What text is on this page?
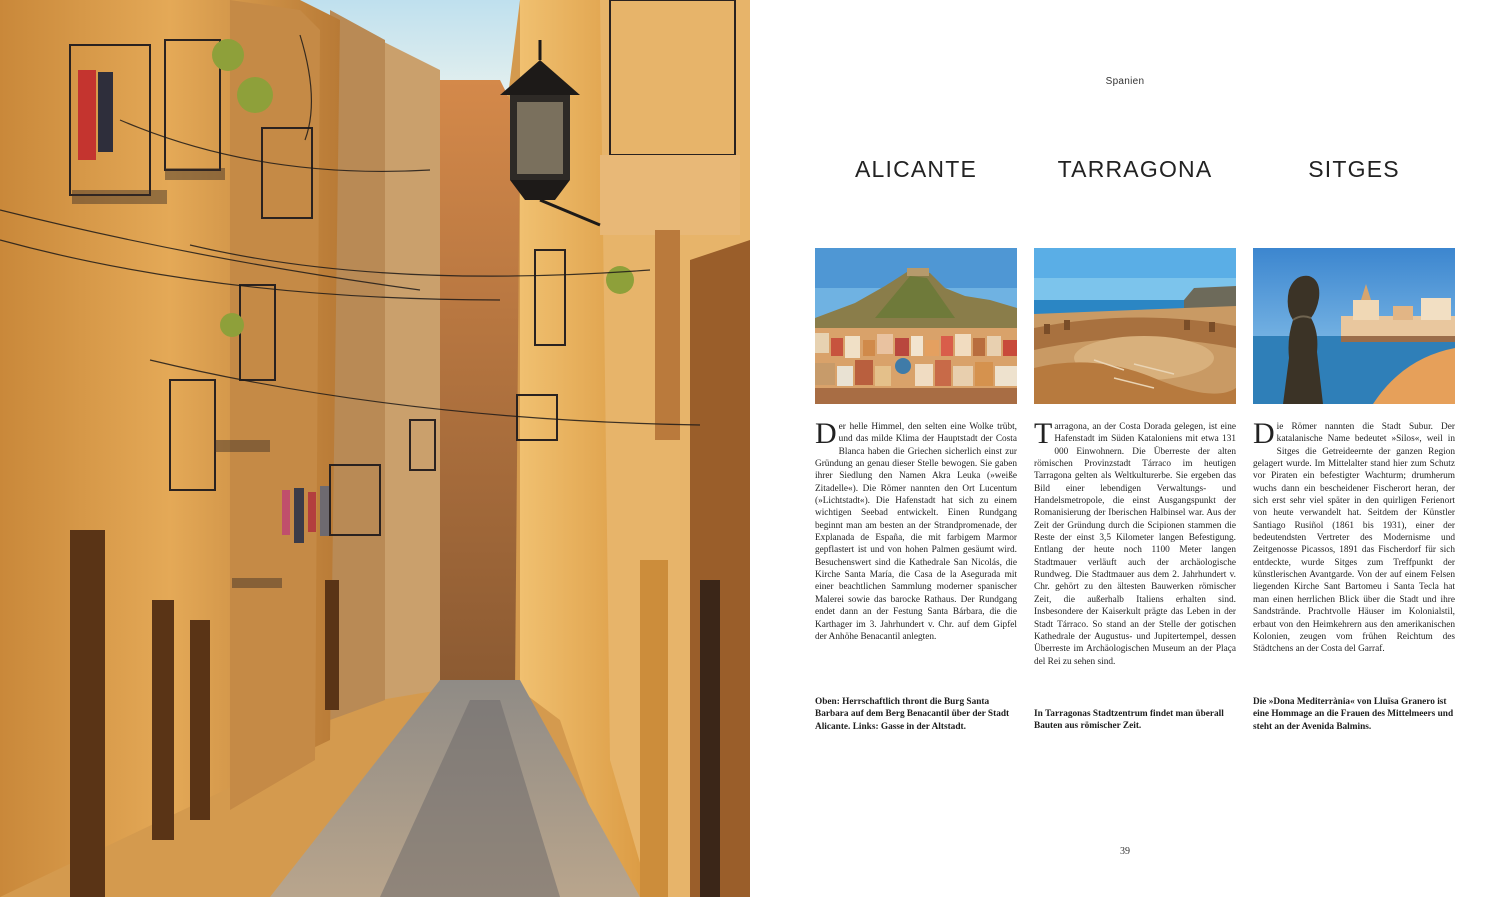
Spanien
ALICANTE	TARRAGONA	SITGES

Der helle Himmel, den selten eine Wolke trübt, und das milde Klima der Hauptstadt der Costa Blanca haben die Griechen sicherlich einst zur Gründung an genau dieser Stelle bewogen. Sie gaben ihrer Siedlung den Namen Akra Leuka (»weiße Zitadelle«). Die Römer nannten den Ort Lucentum (»Lichtstadt«). Die Hafenstadt hat sich zu einem wichtigen Seebad entwickelt. Einen Rundgang beginnt man am besten an der Strandpromenade, der Explanada de España, die mit farbigem Marmor gepflastert ist und von hohen Palmen gesäumt wird. Besuchenswert sind die Kathedrale San Nicolás, die Kirche Santa María, die Casa de la Asegurada mit einer beachtlichen Sammlung moderner spanischer Malerei sowie das barocke Rathaus. Der Rundgang endet dann an der Festung Santa Bárbara, die die Karthager im 3. Jahrhundert v. Chr. auf dem Gipfel der Anhöhe Benacantil anlegten.

Tarragona, an der Costa Dorada gelegen, ist eine Hafenstadt im Süden Kataloniens mit etwa 131 000 Einwohnern. Die Überreste der alten römischen Provinzstadt Tárraco im heutigen Tarragona gelten als Weltkulturerbe. Sie ergeben das Bild einer lebendigen Verwaltungs- und Handelsmetropole, die einst Ausgangspunkt der Romanisierung der Iberischen Halbinsel war. Aus der Zeit der Gründung durch die Scipionen stammen die Reste der einst 3,5 Kilometer langen Befestigung. Entlang der heute noch 1100 Meter langen Stadtmauer verläuft auch der archäologische Rundweg. Die Stadtmauer aus dem 2. Jahrhundert v. Chr. gehört zu den ältesten Bauwerken römischer Zeit, die außerhalb Italiens erhalten sind. Insbesondere der Kaiserkult prägte das Leben in der Stadt Tárraco. So stand an der Stelle der gotischen Kathedrale der Augustus- und Jupitertempel, dessen Überreste im Archäologischen Museum an der Plaça del Rei zu sehen sind.

Die Römer nannten die Stadt Subur. Der katalanische Name bedeutet »Silos«, weil in Sitges die Getreideernte der ganzen Region gelagert wurde. Im Mittelalter stand hier zum Schutz vor Piraten ein befestigter Wachturm; drumherum wuchs dann ein bescheidener Fischerort heran, der sich erst sehr viel später in den quirligen Ferienort von heute verwandelt hat. Seitdem der Künstler Santiago Rusiñol (1861 bis 1931), einer der bedeutendsten Vertreter des Modernisme und Zeitgenosse Picassos, 1891 das Fischerdorf für sich entdeckte, wurde Sitges zum Treffpunkt der künstlerischen Avantgarde. Von der auf einem Felsen liegenden Kirche Sant Bartomeu i Santa Tecla hat man einen herrlichen Blick über die Stadt und ihre Sandstrände. Prachtvolle Häuser im Kolonialstil, erbaut von den Heimkehrern aus den amerikanischen Kolonien, zeugen vom frühen Reichtum des Städtchens an der Costa del Garraf.

Oben: Herrschaftlich thront die Burg Santa Barbara auf dem Berg Benacantil über der Stadt Alicante. Links: Gasse in der Altstadt.

In Tarragonas Stadtzentrum findet man überall Bauten aus römischer Zeit.

Die »Dona Mediterrània« von Lluïsa Granero ist eine Hommage an die Frauen des Mittelmeers und steht an der Avenida Balmins.

39
